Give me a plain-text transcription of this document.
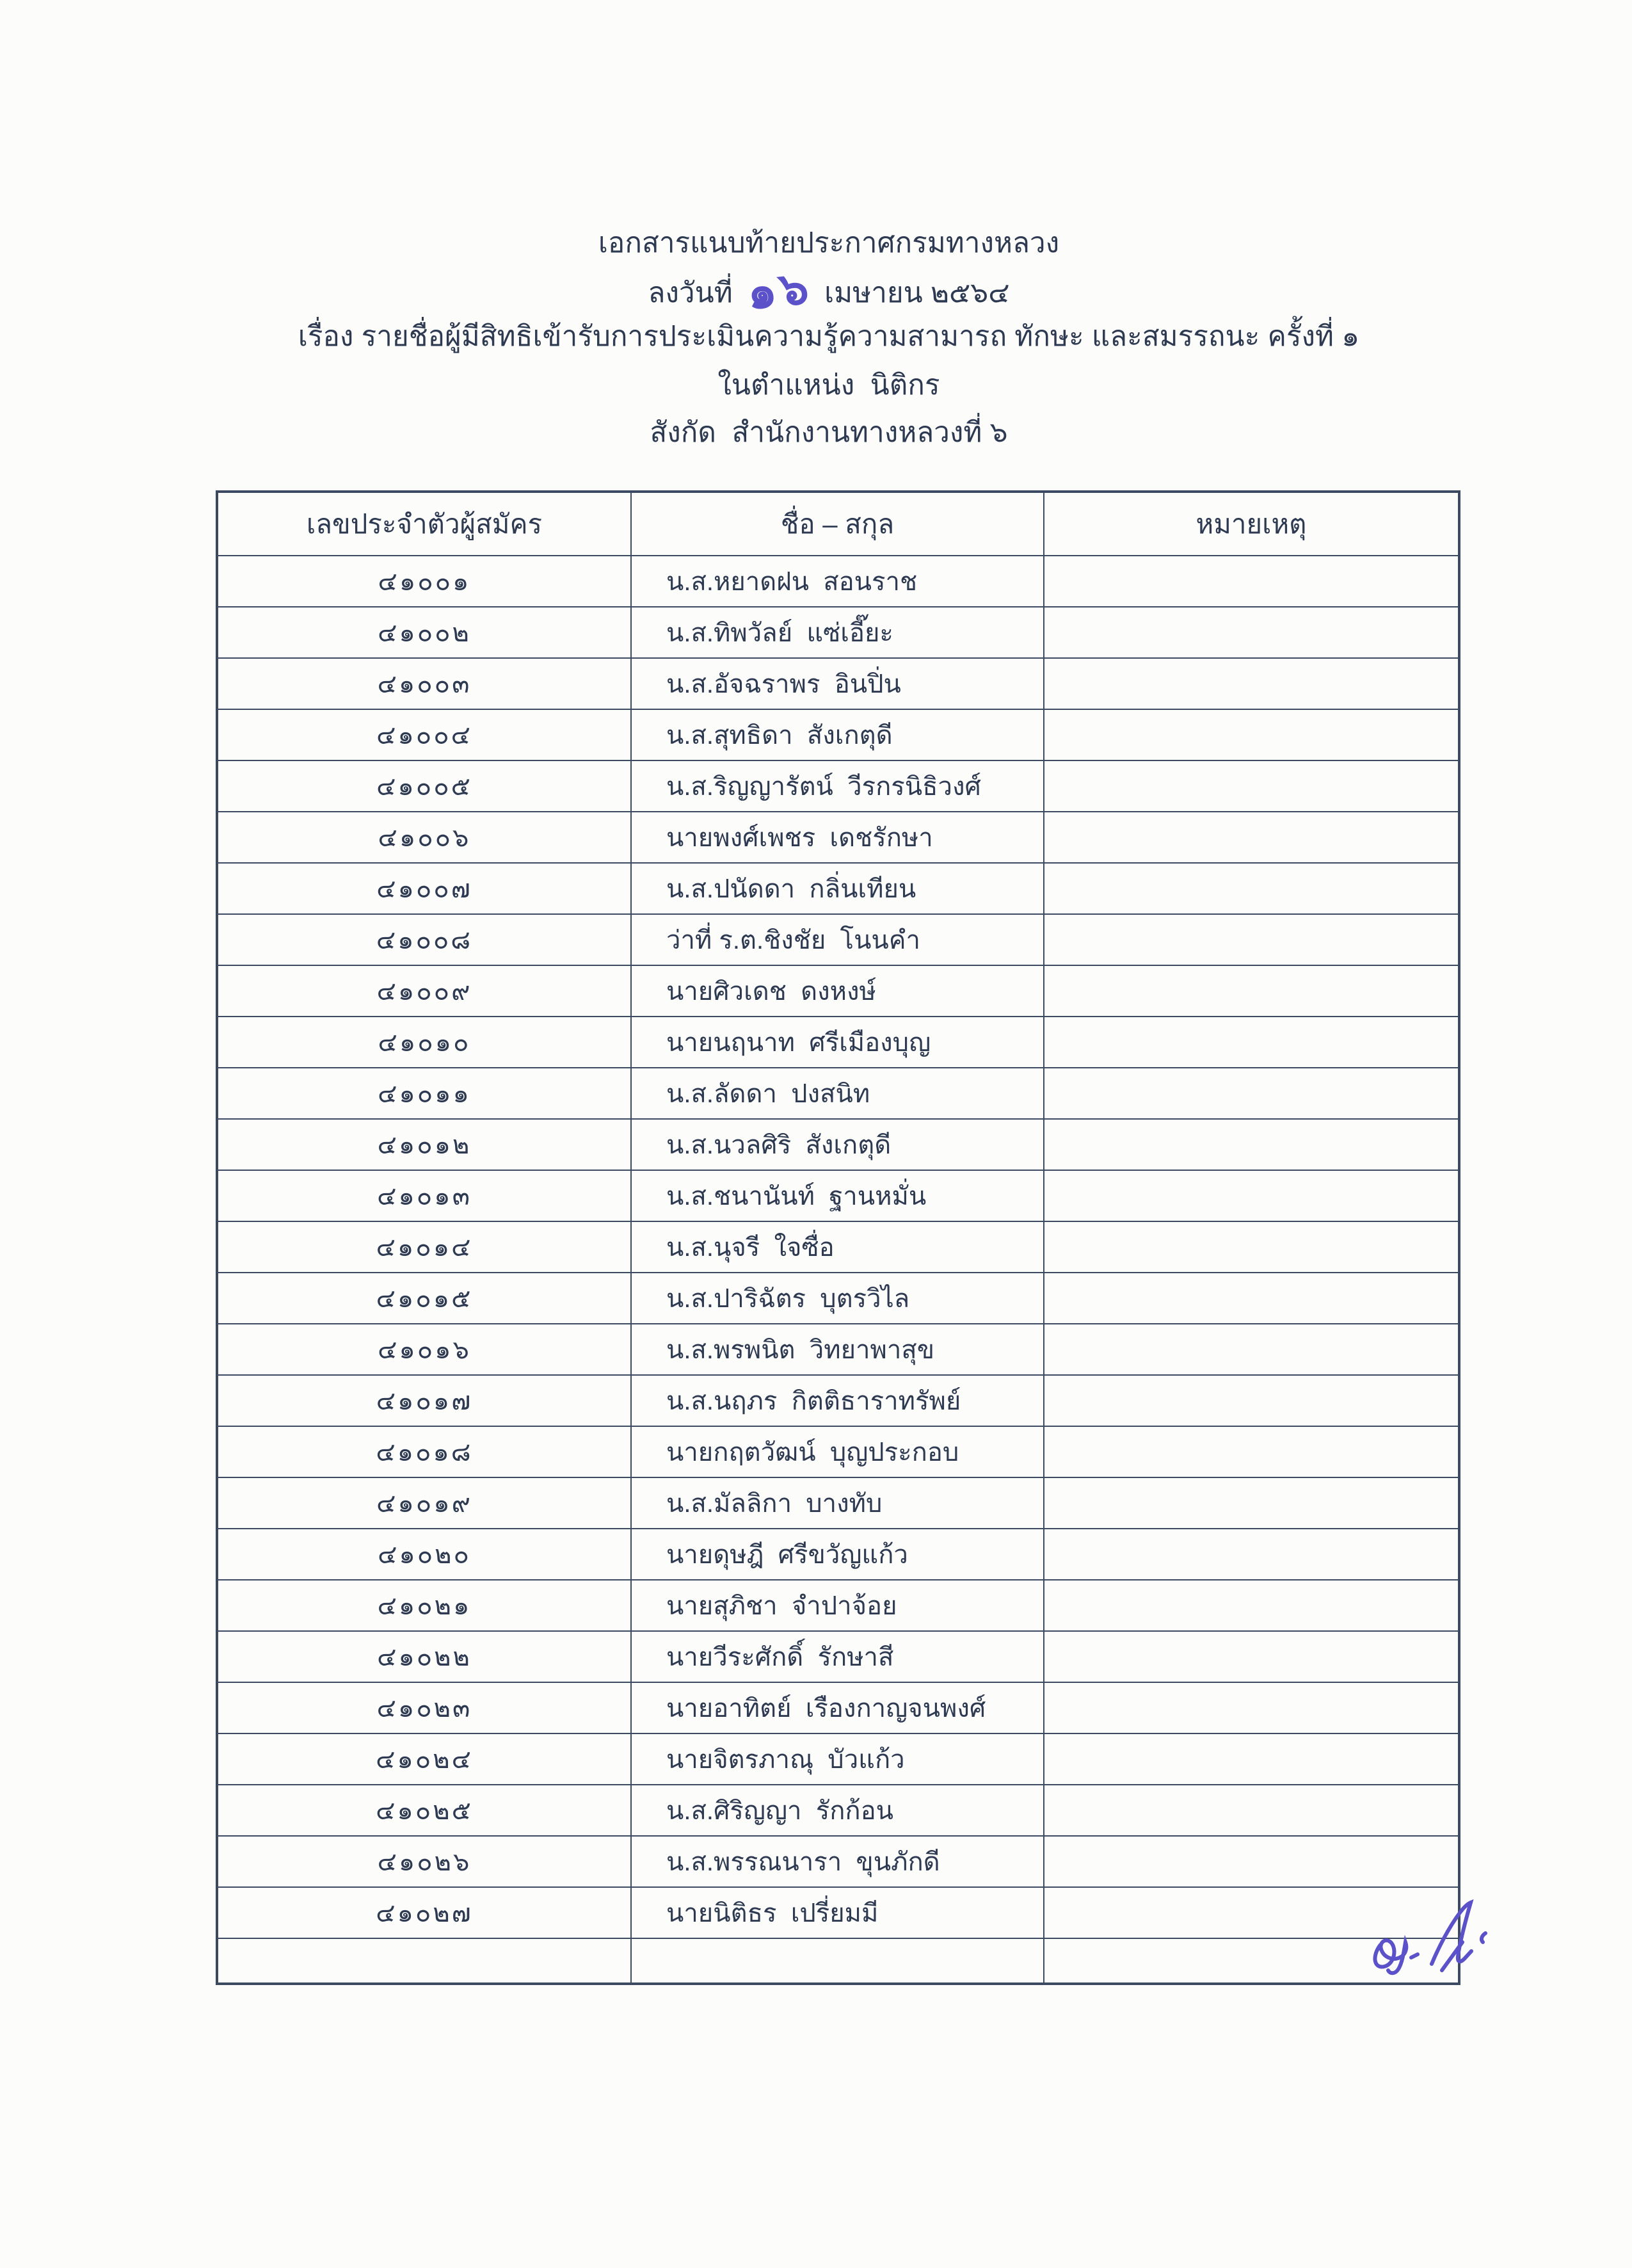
เอกสารแนบท้ายประกาศกรมทางหลวง
ลงวันที่ ๑๖ เมษายน ๒๕๖๔
เรื่อง รายชื่อผู้มีสิทธิเข้ารับการประเมินความรู้ความสามารถ ทักษะ และสมรรถนะ ครั้งที่ ๑
ในตำแหน่ง  นิติกร
สังกัด  สำนักงานทางหลวงที่ ๖
เลขประจำตัวผู้สมัคร	ชื่อ – สกุล	หมายเหตุ
๔๑๐๐๑	น.ส.หยาดฝน  สอนราช	
๔๑๐๐๒	น.ส.ทิพวัลย์  แซ่เอี๊ยะ	
๔๑๐๐๓	น.ส.อัจฉราพร  อินปิ่น	
๔๑๐๐๔	น.ส.สุทธิดา  สังเกตุดี	
๔๑๐๐๕	น.ส.ริญญารัตน์  วีรกรนิธิวงศ์	
๔๑๐๐๖	นายพงศ์เพชร  เดชรักษา	
๔๑๐๐๗	น.ส.ปนัดดา  กลิ่นเทียน	
๔๑๐๐๘	ว่าที่ ร.ต.ชิงชัย  โนนคำ	
๔๑๐๐๙	นายศิวเดช  ดงหงษ์	
๔๑๐๑๐	นายนฤนาท  ศรีเมืองบุญ	
๔๑๐๑๑	น.ส.ลัดดา  ปงสนิท	
๔๑๐๑๒	น.ส.นวลศิริ  สังเกตุดี	
๔๑๐๑๓	น.ส.ชนานันท์  ฐานหมั่น	
๔๑๐๑๔	น.ส.นุจรี  ใจซื่อ	
๔๑๐๑๕	น.ส.ปาริฉัตร  บุตรวิไล	
๔๑๐๑๖	น.ส.พรพนิต  วิทยาพาสุข	
๔๑๐๑๗	น.ส.นฤภร  กิตติธาราทรัพย์	
๔๑๐๑๘	นายกฤตวัฒน์  บุญประกอบ	
๔๑๐๑๙	น.ส.มัลลิกา  บางทับ	
๔๑๐๒๐	นายดุษฎี  ศรีขวัญแก้ว	
๔๑๐๒๑	นายสุภิชา  จำปาจ้อย	
๔๑๐๒๒	นายวีระศักดิ์  รักษาสี	
๔๑๐๒๓	นายอาทิตย์  เรืองกาญจนพงศ์	
๔๑๐๒๔	นายจิตรภาณุ  บัวแก้ว	
๔๑๐๒๕	น.ส.ศิริญญา  รักก้อน	
๔๑๐๒๖	น.ส.พรรณนารา  ขุนภักดี	
๔๑๐๒๗	นายนิติธร  เปรี่ยมมี	
